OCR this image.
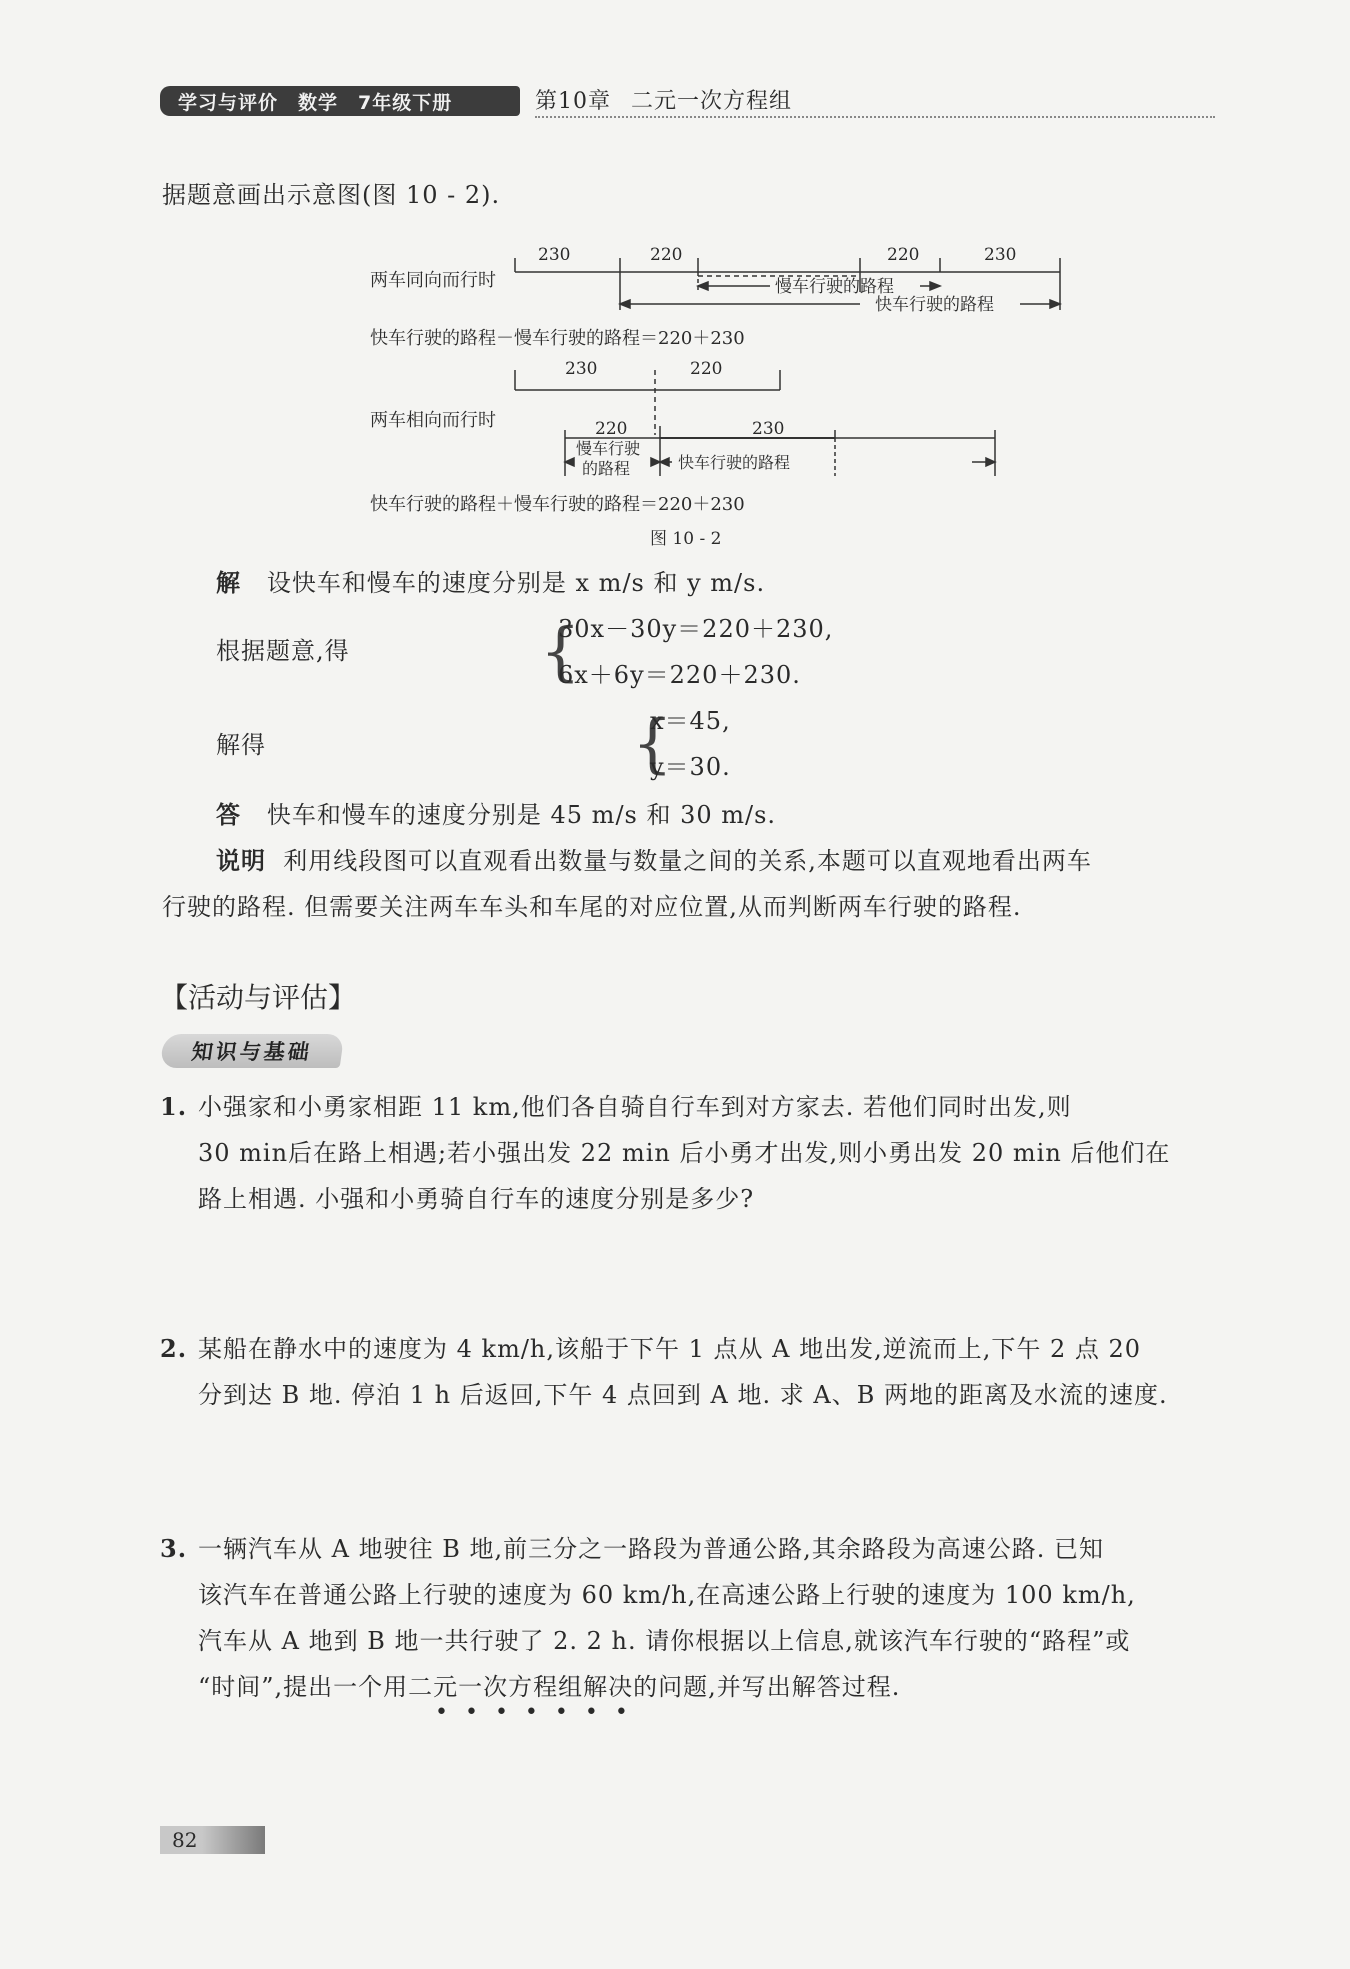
学习与评价 数学 7年级下册	第10章 二元一次方程组
据题意画出示意图(图 10 - 2).
230	220	220	230
两车同向而行时	慢车行驶的路程
快车行驶的路程
快车行驶的路程－慢车行驶的路程＝220＋230
230	220
两车相向而行时	220	230
慢车行驶
的路程	快车行驶的路程
快车行驶的路程＋慢车行驶的路程＝220＋230
图 10 - 2
解 设快车和慢车的速度分别是 x m/s 和 y m/s.
根据题意,得	{
30x－30y＝220＋230,
6x＋6y＝220＋230.
解得	{
x＝45,
y＝30.
答 快车和慢车的速度分别是 45 m/s 和 30 m/s.
说明 利用线段图可以直观看出数量与数量之间的关系,本题可以直观地看出两车
行驶的路程. 但需要关注两车车头和车尾的对应位置,从而判断两车行驶的路程.
【活动与评估】
知识与基础
1. 小强家和小勇家相距 11 km,他们各自骑自行车到对方家去. 若他们同时出发,则
30 min后在路上相遇;若小强出发 22 min 后小勇才出发,则小勇出发 20 min 后他们在
路上相遇. 小强和小勇骑自行车的速度分别是多少?
2. 某船在静水中的速度为 4 km/h,该船于下午 1 点从 A 地出发,逆流而上,下午 2 点 20
分到达 B 地. 停泊 1 h 后返回,下午 4 点回到 A 地. 求 A、B 两地的距离及水流的速度.
3. 一辆汽车从 A 地驶往 B 地,前三分之一路段为普通公路,其余路段为高速公路. 已知
该汽车在普通公路上行驶的速度为 60 km/h,在高速公路上行驶的速度为 100 km/h,
汽车从 A 地到 B 地一共行驶了 2. 2 h. 请你根据以上信息,就该汽车行驶的“路程”或
“时间”,提出一个用二元一次方程组解决的问题,并写出解答过程.
•••••••
82
